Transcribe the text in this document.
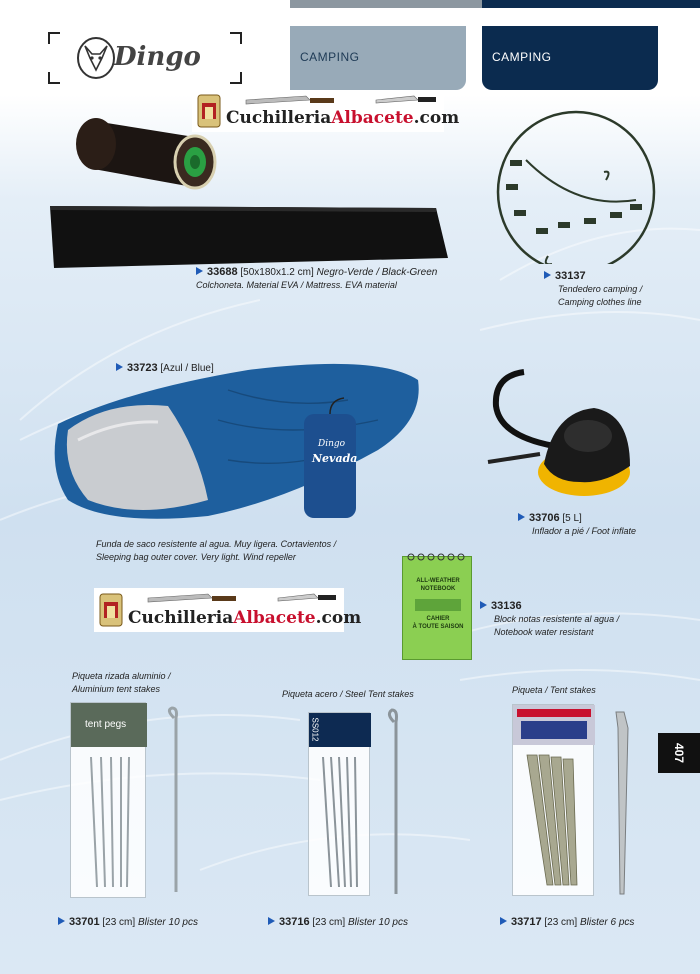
CAMPING	CAMPING
Dingo
CuchilleriaAlbacete.com
33688 [50x180x1.2 cm] Negro-Verde / Black-Green
Colchoneta. Material EVA / Mattress. EVA material
33137
Tendedero camping /
Camping clothes line
33723 [Azul / Blue]
Nevada
Dingo
Funda de saco resistente al agua. Muy ligera. Cortavientos /
Sleeping bag outer cover. Very light. Wind repeller
33706 [5 L]
Inflador a pié / Foot inflate
ALL-WEATHER
NOTEBOOK
CAHIER
À TOUTE SAISON
33136
Block notas resistente al agua /
Notebook water resistant
CuchilleriaAlbacete.com
Piqueta rizada aluminio /
Aluminium tent stakes
tent pegs
33701 [23 cm] Blister 10 pcs
Piqueta acero / Steel Tent stakes
SS012
33716 [23 cm] Blister 10 pcs
Piqueta / Tent stakes
33717 [23 cm] Blister 6 pcs
407
